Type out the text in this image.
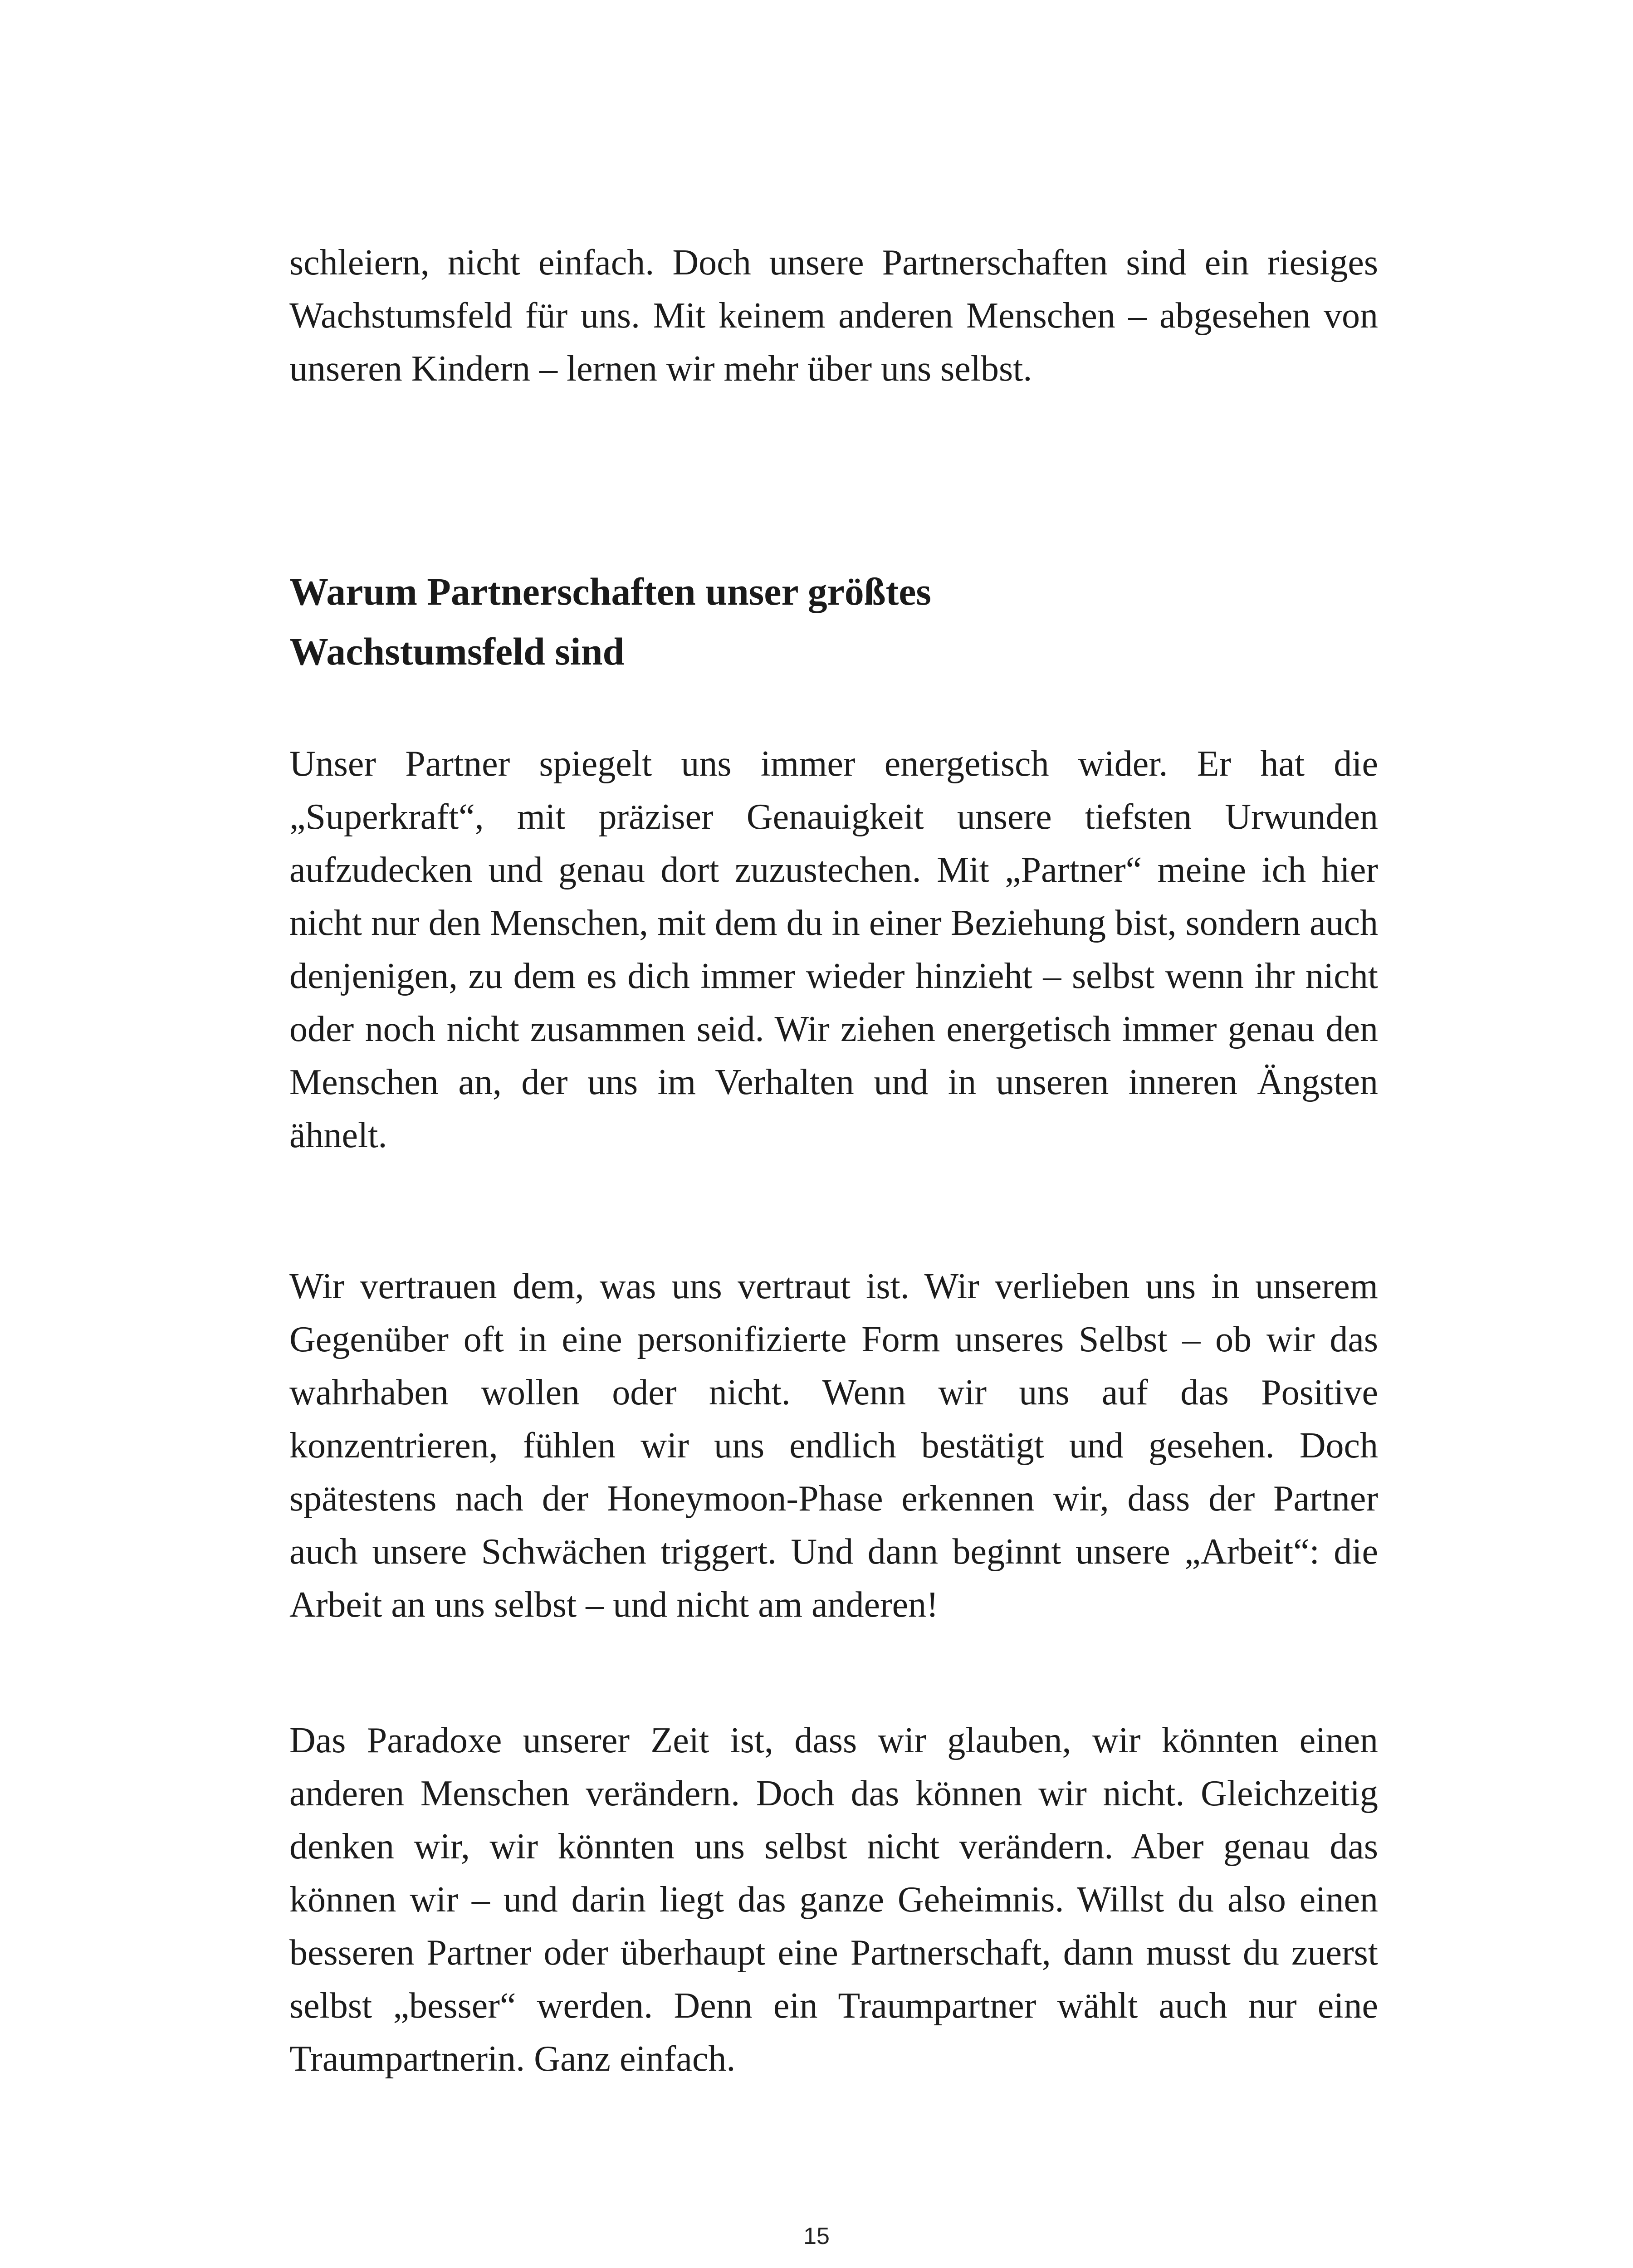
schleiern, nicht einfach. Doch unsere Partnerschaften sind ein riesiges Wachstumsfeld für uns. Mit keinem anderen Menschen – abgesehen von unseren Kindern – lernen wir mehr über uns selbst.

Warum Partnerschaften unser größtes
Wachstumsfeld sind

Unser Partner spiegelt uns immer energetisch wider. Er hat die „Superkraft“, mit präziser Genauigkeit unsere tiefsten Urwunden aufzudecken und genau dort zuzustechen. Mit „Partner“ meine ich hier nicht nur den Menschen, mit dem du in einer Beziehung bist, sondern auch denjenigen, zu dem es dich immer wieder hinzieht – selbst wenn ihr nicht oder noch nicht zusammen seid. Wir ziehen energetisch immer genau den Menschen an, der uns im Verhalten und in unseren inneren Ängsten ähnelt.

Wir vertrauen dem, was uns vertraut ist. Wir verlieben uns in unserem Gegenüber oft in eine personifizierte Form unseres Selbst – ob wir das wahrhaben wollen oder nicht. Wenn wir uns auf das Positive konzentrieren, fühlen wir uns endlich bestätigt und gesehen. Doch spätestens nach der Honeymoon-Phase erkennen wir, dass der Partner auch unsere Schwächen triggert. Und dann beginnt unsere „Arbeit“: die Arbeit an uns selbst – und nicht am anderen!

Das Paradoxe unserer Zeit ist, dass wir glauben, wir könnten einen anderen Menschen verändern. Doch das können wir nicht. Gleichzeitig denken wir, wir könnten uns selbst nicht verändern. Aber genau das können wir – und darin liegt das ganze Geheimnis. Willst du also einen besseren Partner oder überhaupt eine Partnerschaft, dann musst du zuerst selbst „besser“ werden. Denn ein Traumpartner wählt auch nur eine Traumpartnerin. Ganz einfach.

15
